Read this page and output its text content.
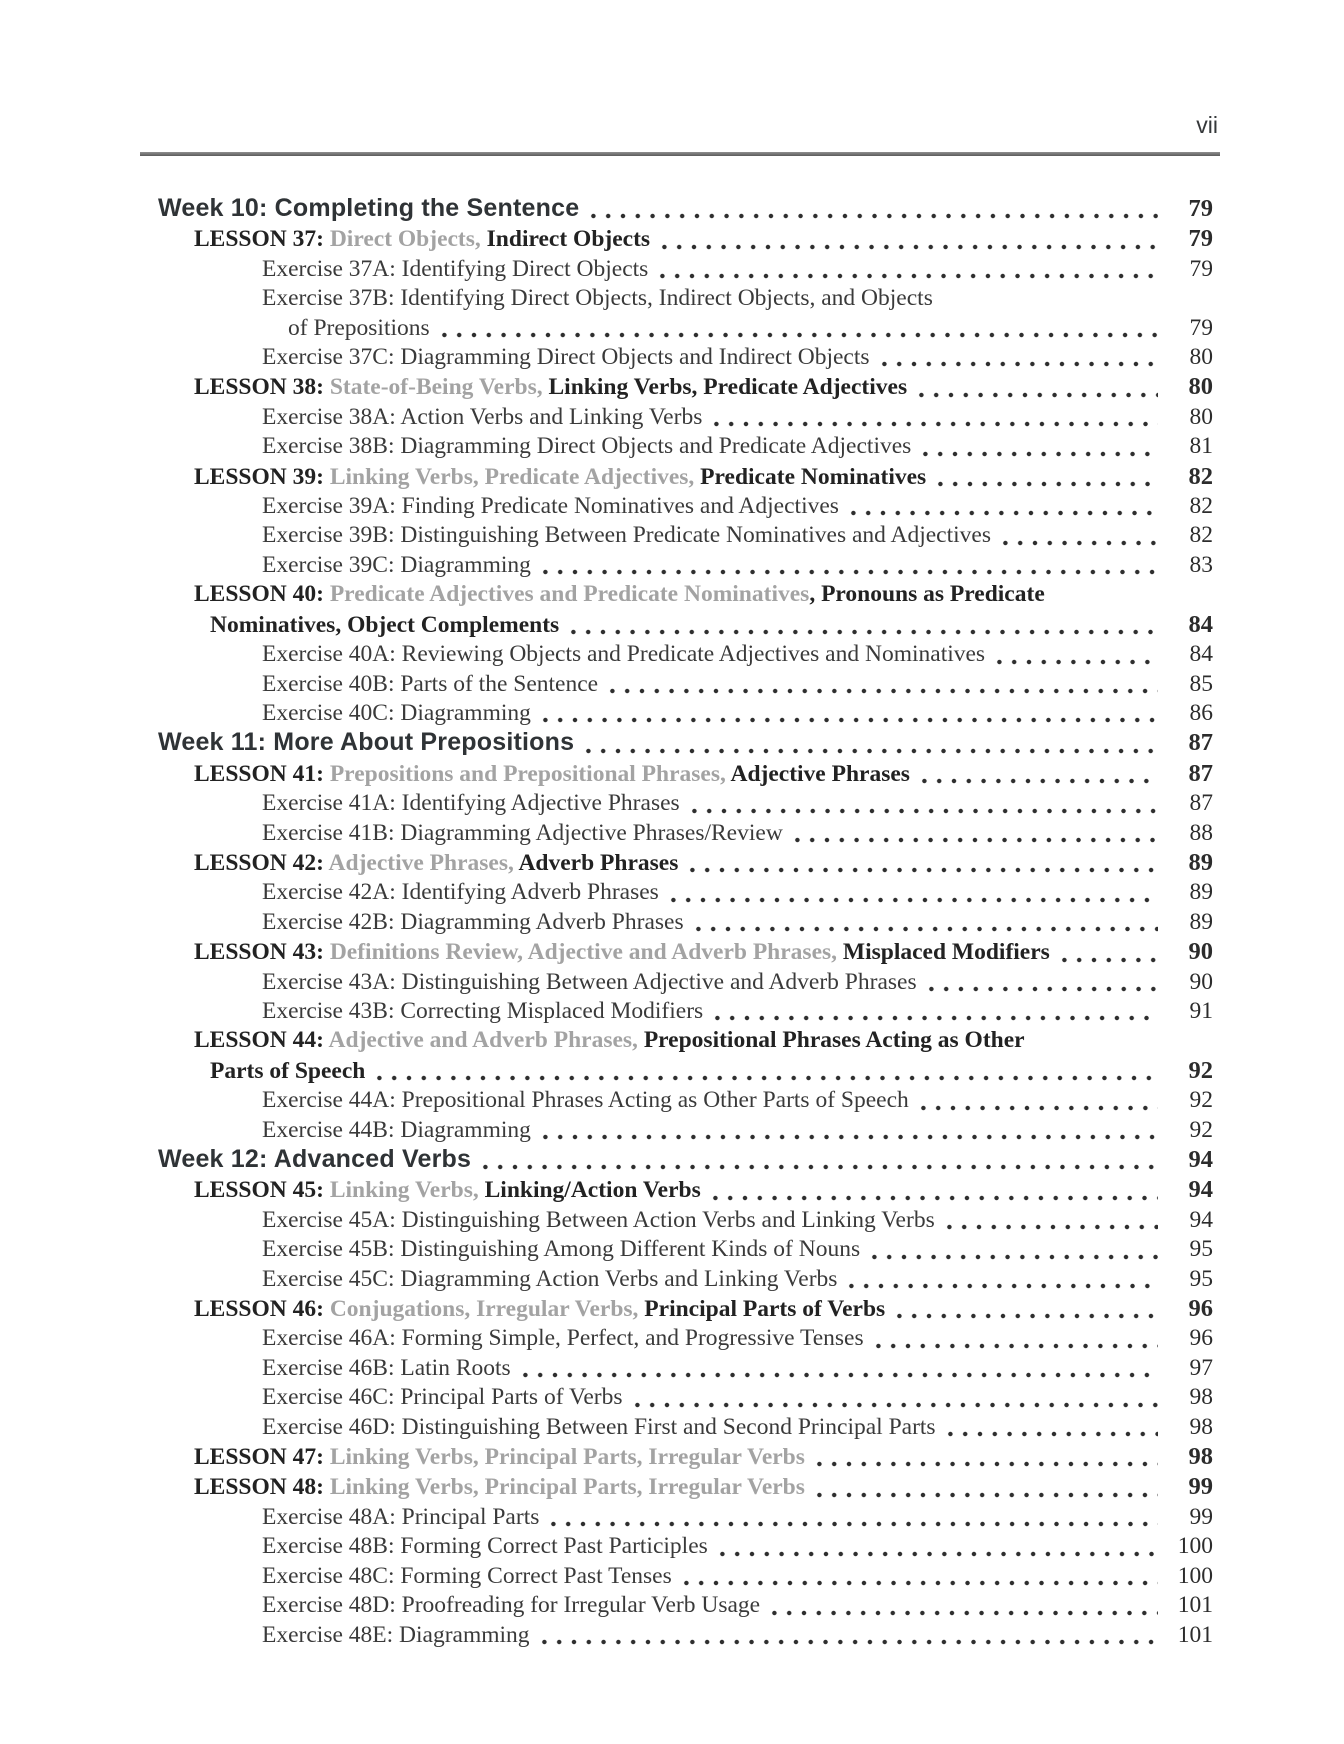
vii
Week 10: Completing the Sentence	79
LESSON 37: Direct Objects, Indirect Objects	79
Exercise 37A: Identifying Direct Objects	79
Exercise 37B: Identifying Direct Objects, Indirect Objects, and Objects
of Prepositions	79
Exercise 37C: Diagramming Direct Objects and Indirect Objects	80
LESSON 38: State-of-Being Verbs, Linking Verbs, Predicate Adjectives	80
Exercise 38A: Action Verbs and Linking Verbs	80
Exercise 38B: Diagramming Direct Objects and Predicate Adjectives	81
LESSON 39: Linking Verbs, Predicate Adjectives, Predicate Nominatives	82
Exercise 39A: Finding Predicate Nominatives and Adjectives	82
Exercise 39B: Distinguishing Between Predicate Nominatives and Adjectives	82
Exercise 39C: Diagramming	83
LESSON 40: Predicate Adjectives and Predicate Nominatives, Pronouns as Predicate
Nominatives, Object Complements	84
Exercise 40A: Reviewing Objects and Predicate Adjectives and Nominatives	84
Exercise 40B: Parts of the Sentence	85
Exercise 40C: Diagramming	86
Week 11: More About Prepositions	87
LESSON 41: Prepositions and Prepositional Phrases, Adjective Phrases	87
Exercise 41A: Identifying Adjective Phrases	87
Exercise 41B: Diagramming Adjective Phrases/Review	88
LESSON 42: Adjective Phrases, Adverb Phrases	89
Exercise 42A: Identifying Adverb Phrases	89
Exercise 42B: Diagramming Adverb Phrases	89
LESSON 43: Definitions Review, Adjective and Adverb Phrases, Misplaced Modifiers	90
Exercise 43A: Distinguishing Between Adjective and Adverb Phrases	90
Exercise 43B: Correcting Misplaced Modifiers	91
LESSON 44: Adjective and Adverb Phrases, Prepositional Phrases Acting as Other
Parts of Speech	92
Exercise 44A: Prepositional Phrases Acting as Other Parts of Speech	92
Exercise 44B: Diagramming	92
Week 12: Advanced Verbs	94
LESSON 45: Linking Verbs, Linking/Action Verbs	94
Exercise 45A: Distinguishing Between Action Verbs and Linking Verbs	94
Exercise 45B: Distinguishing Among Different Kinds of Nouns	95
Exercise 45C: Diagramming Action Verbs and Linking Verbs	95
LESSON 46: Conjugations, Irregular Verbs, Principal Parts of Verbs	96
Exercise 46A: Forming Simple, Perfect, and Progressive Tenses	96
Exercise 46B: Latin Roots	97
Exercise 46C: Principal Parts of Verbs	98
Exercise 46D: Distinguishing Between First and Second Principal Parts	98
LESSON 47: Linking Verbs, Principal Parts, Irregular Verbs	98
LESSON 48: Linking Verbs, Principal Parts, Irregular Verbs	99
Exercise 48A: Principal Parts	99
Exercise 48B: Forming Correct Past Participles	100
Exercise 48C: Forming Correct Past Tenses	100
Exercise 48D: Proofreading for Irregular Verb Usage	101
Exercise 48E: Diagramming	101
